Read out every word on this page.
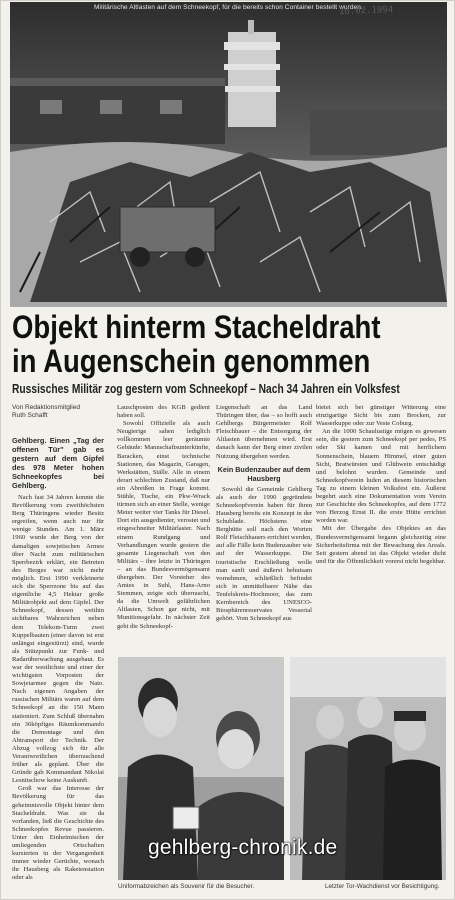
Militärische Altlasten auf dem Schneekopf, für die bereits schon Container bestellt wurden.
16.02.1994
Objekt hinterm Stacheldraht
in Augenschein genommen
Russisches Militär zog gestern vom Schneekopf – Nach 34 Jahren ein Volksfest
Von Redaktionsmitglied
Ruth Schafft

Gehlberg. Einen „Tag der offenen Tür" gab es gestern auf dem Gipfel des 978 Meter hohen Schneekopfes bei Gehlberg.

Nach fast 34 Jahren konnte die Bevölkerung vom zweithöchsten Berg Thüringens wieder Besitz ergreifen, wenn auch nur für wenige Stunden. Am 1. März 1960 wurde der Berg von der damaligen sowjetischen Armee über Nacht zum militärischen Sperrbezirk erklärt, ein Betreten des Berges war nicht mehr möglich. Erst 1990 verkleinerte sich die Sperrzone bis auf das eigentliche 4,5 Hektar große Militärobjekt auf dem Gipfel. Der Schneekopf, dessen weithin sichtbares Wahrzeichen neben dem Telekom-Turm zwei Kuppelbauten (einer davon ist erst unlängst eingestürzt) sind, wurde als Stützpunkt zur Funk- und Radarüberwachung ausgebaut. Es war der westlichste und einer der wichtigsten Vorposten der Sowjetarmee gegen die Nato. Nach eigenen Angaben der russischen Militärs waren auf dem Schneekopf an die 150 Mann stationiert. Zum Schluß übernahm ein 36köpfiges Räumkommando die Demontage und den Abtransport der Technik. Der Abzug vollzog sich für alle Verantwortlichen überraschend früher als geplant. Über die Gründe gab Kommandant Nikolai Lesnitschow keine Auskunft.

Groß war das Interesse der Bevölkerung für das geheimnisvolle Objekt hinter dem Stacheldraht. Was sie da vorfanden, ließ die Geschichte des Schneekopfes Revue passieren. Unter den Einheimischen der umliegenden Ortschaften kursierten in der Vergangenheit immer wieder Gerüchte, wonach ihr Hausberg als Raketenstation oder als

Lauschposten des KGB gedient haben soll.

Sowohl Offizielle als auch Neugierige sahen lediglich vollkommen leer geräumte Gebäude: Mannschaftsunterkünfte, Baracken, einst technische Stationen, das Magazin, Garagen, Werkstätten, Ställe. Alle in einem derart schlechten Zustand, daß nur ein Abreißen in Frage kommt. Stühle, Tische, ein Pkw-Wrack türmen sich an einer Stelle, wenige Meter weiter vier Tanks für Diesel. Dort ein ausgedienter, verostet und eingeschneiter Militärlaster. Nach einem Rundgang und Verhandlungen wurde gestern die gesamte Liegenschaft von den Militärs – ihre letzte in Thüringen – an das Bundesvermögensamt übergeben. Der Vorsteher des Amtes in Suhl, Hans-Arno Stemmen, zeigte sich überrascht, da die Umwelt gefährlichen Altlasten, Schon gar nicht, mit Munitionsgefahr. In nächster Zeit geht die Schneekopf-

Liegenschaft an das Land Thüringen über, das – so hofft auch Gehlbergs Bürgermeister Rolf Fleischhauer – die Entsorgung der Altlasten übernehmen wird. Erst danach kann der Berg einer zivilen Nutzung übergeben werden.

Kein Budenzauber auf dem Hausberg

Sowohl die Gemeinde Gehlberg als auch der 1990 gegründete Schneekopfverein haben für ihren Hausberg bereits ein Konzept in der Schublade. Höchstens eine Berghütte soll nach den Worten Rolf Fleischhauers errichtet werden, auf alle Fälle kein Budenzauber wie auf der Wasserkuppe. Die touristische Erschließung wolle man sanft und äußerst behutsam vornehmen, schließlich befindet sich in unmittelbarer Nähe das Teufelskreis-Hochmoor, das zum Kernbereich des UNESCO-Biosphärenreservates Vessertal gehört. Vom Schneekopf aus

bietet sich bei günstiger Witterung eine einzigartige Sicht bis zum Brocken, zur Wasserkuppe oder zur Veste Coburg.

An die 1000 Schaulustige mögen es gewesen sein, die gestern zum Schneekopf per pedes, PS oder Ski kamen und mit herrlichem Sonnenschein, blauem Himmel, einer guten Sicht, Bratwürsten und Glühwein entschädigt und belohnt wurden. Gemeinde und Schneekopfverein luden an diesem historischen Tag zu einem kleinen Volksfest ein. Äußerst begehrt auch eine Dokumentation vom Verein zur Geschichte des Schneekopfes, auf dem 1772 von Herzog Ernst II. die erste Hütte errichtet worden war.

Mit der Übergabe des Objektes an das Bundesvermögensamt begann gleichzeitig eine Sicherheitsfirma mit der Bewachung des Areals. Seit gestern abend ist das Objekt wieder dicht und für die Öffentlichkeit vorerst nicht begehbar.

Uniformabzeichen als Souvenir für die Besucher.	Letzter Tor-Wachdienst vor Besichtigung.
gehlberg-chronik.de
